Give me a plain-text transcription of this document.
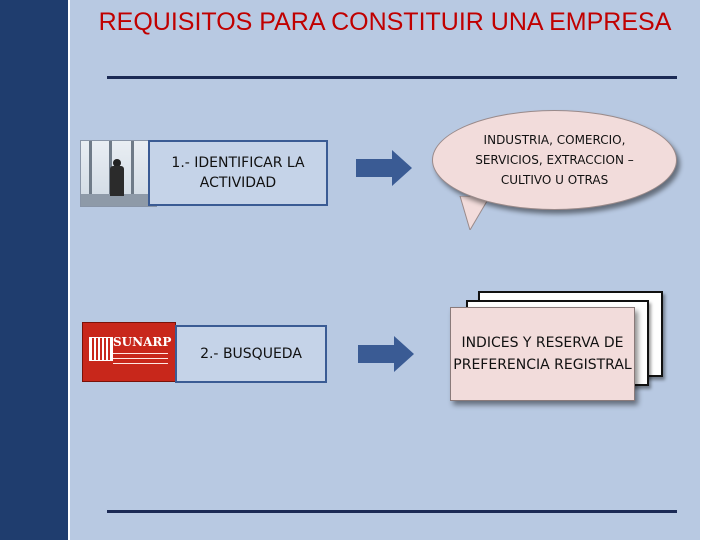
REQUISITOS PARA CONSTITUIR UNA EMPRESA
1.- IDENTIFICAR LA ACTIVIDAD
INDUSTRIA, COMERCIO, SERVICIOS, EXTRACCION – CULTIVO U OTRAS
SUNARP
2.- BUSQUEDA
INDICES Y RESERVA DE PREFERENCIA REGISTRAL
